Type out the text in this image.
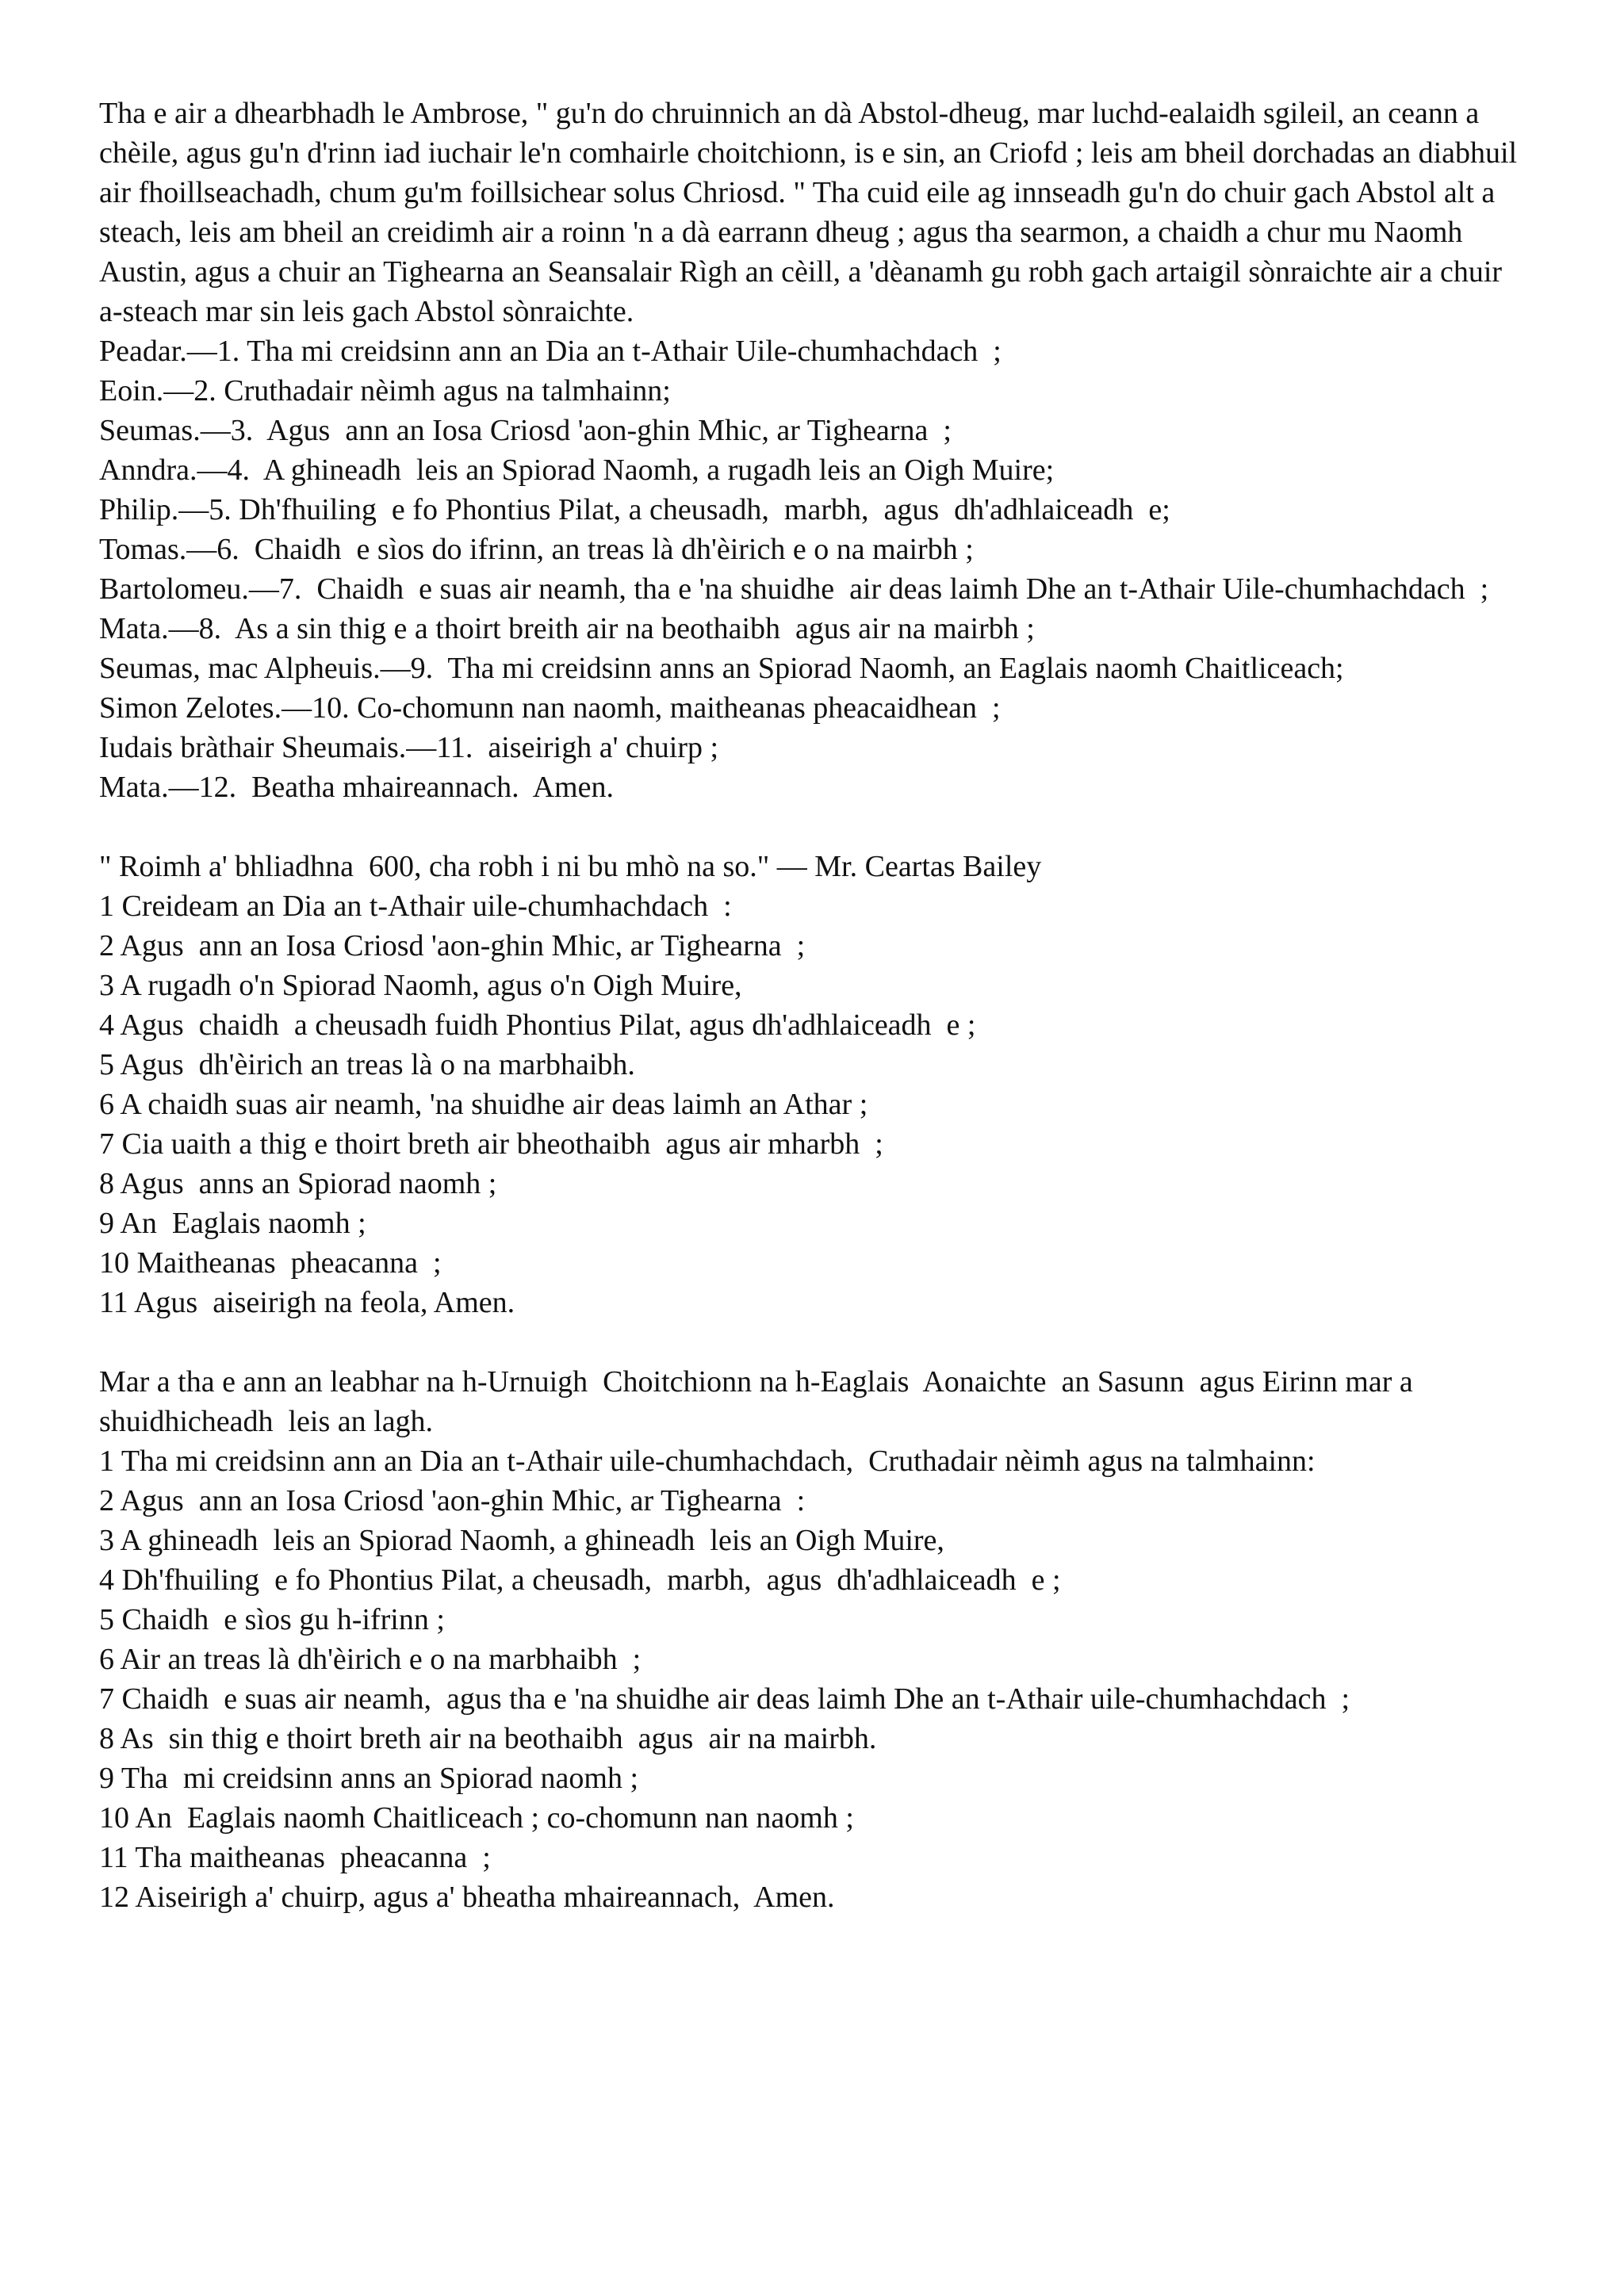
Tha e air a dhearbhadh le Ambrose, " gu'n do chruinnich an dà Abstol-dheug, mar luchd-ealaidh sgileil, an ceann a chèile, agus gu'n d'rinn iad iuchair le'n comhairle choitchionn, is e sin, an Criofd ; leis am bheil dorchadas an diabhuil air fhoillseachadh, chum gu'm foillsichear solus Chriosd. " Tha cuid eile ag innseadh gu'n do chuir gach Abstol alt a steach, leis am bheil an creidimh air a roinn 'n a dà earrann dheug ; agus tha searmon, a chaidh a chur mu Naomh Austin, agus a chuir an Tighearna an Seansalair Rìgh an cèill, a 'dèanamh gu robh gach artaigil sònraichte air a chuir a-steach mar sin leis gach Abstol sònraichte.

Peadar.—1. Tha mi creidsinn ann an Dia an t-Athair Uile-chumhachdach  ;
Eoin.—2. Cruthadair nèimh agus na talmhainn;
Seumas.—3.  Agus  ann an Iosa Criosd 'aon-ghin Mhic, ar Tighearna  ;
Anndra.—4.  A ghineadh  leis an Spiorad Naomh, a rugadh leis an Oigh Muire;
Philip.—5. Dh'fhuiling  e fo Phontius Pilat, a cheusadh,  marbh,  agus  dh'adhlaiceadh  e;
Tomas.—6.  Chaidh  e sìos do ifrinn, an treas là dh'èirich e o na mairbh ;
Bartolomeu.—7.  Chaidh  e suas air neamh, tha e 'na shuidhe  air deas laimh Dhe an t-Athair Uile-chumhachdach  ;
Mata.—8.  As a sin thig e a thoirt breith air na beothaibh  agus air na mairbh ;
Seumas, mac Alpheuis.—9.  Tha mi creidsinn anns an Spiorad Naomh, an Eaglais naomh Chaitliceach;
Simon Zelotes.—10. Co-chomunn nan naomh, maitheanas pheacaidhean  ;
Iudais bràthair Sheumais.—11.  aiseirigh a' chuirp ;
Mata.—12.  Beatha mhaireannach.  Amen.
" Roimh a' bhliadhna  600, cha robh i ni bu mhò na so." — Mr. Ceartas Bailey
1 Creideam an Dia an t-Athair uile-chumhachdach  :
2 Agus  ann an Iosa Criosd 'aon-ghin Mhic, ar Tighearna  ;
3 A rugadh o'n Spiorad Naomh, agus o'n Oigh Muire,
4 Agus  chaidh  a cheusadh fuidh Phontius Pilat, agus dh'adhlaiceadh  e ;
5 Agus  dh'èirich an treas là o na marbhaibh.
6 A chaidh suas air neamh, 'na shuidhe air deas laimh an Athar ;
7 Cia uaith a thig e thoirt breth air bheothaibh  agus air mharbh  ;
8 Agus  anns an Spiorad naomh ;
9 An  Eaglais naomh ;
10 Maitheanas  pheacanna  ;
11 Agus  aiseirigh na feola, Amen.
Mar a tha e ann an leabhar na h-Urnuigh  Choitchionn na h-Eaglais  Aonaichte  an Sasunn  agus Eirinn mar a shuidhicheadh  leis an lagh.
1 Tha mi creidsinn ann an Dia an t-Athair uile-chumhachdach,  Cruthadair nèimh agus na talmhainn:
2 Agus  ann an Iosa Criosd 'aon-ghin Mhic, ar Tighearna  :
3 A ghineadh  leis an Spiorad Naomh, a ghineadh  leis an Oigh Muire,
4 Dh'fhuiling  e fo Phontius Pilat, a cheusadh,  marbh,  agus  dh'adhlaiceadh  e ;
5 Chaidh  e sìos gu h-ifrinn ;
6 Air an treas là dh'èirich e o na marbhaibh  ;
7 Chaidh  e suas air neamh,  agus tha e 'na shuidhe air deas laimh Dhe an t-Athair uile-chumhachdach  ;
8 As  sin thig e thoirt breth air na beothaibh  agus  air na mairbh.
9 Tha  mi creidsinn anns an Spiorad naomh ;
10 An  Eaglais naomh Chaitliceach ; co-chomunn nan naomh ;
11 Tha maitheanas  pheacanna  ;
12 Aiseirigh a' chuirp, agus a' bheatha mhaireannach,  Amen.
